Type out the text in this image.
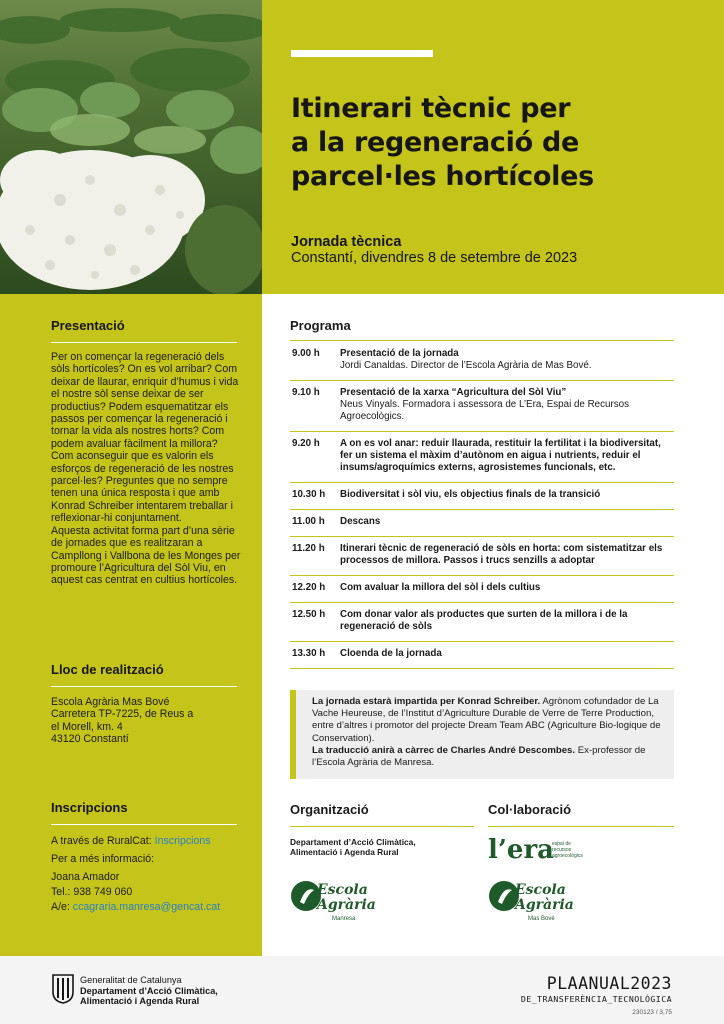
Itinerari tècnic per
a la regeneració de
parcel·les hortícoles
Jornada tècnica
Constantí, divendres 8 de setembre de 2023
Presentació
Per on començar la regeneració dels sòls hortícoles? On es vol arribar? Com deixar de llaurar, enriquir d’humus i vida el nostre sòl sense deixar de ser productius? Podem esquematitzar els passos per començar la regeneració i tornar la vida als nostres horts? Com podem avaluar fàcilment la millora? Com aconseguir que es valorin els esforços de regeneració de les nostres parcel·les? Preguntes que no sempre tenen una única resposta i que amb Konrad Schreiber intentarem treballar i reflexionar-hi conjuntament.
Aquesta activitat forma part d’una sèrie de jornades que es realitzaran a Campllong i Vallbona de les Monges per promoure l’Agricultura del Sòl Viu, en aquest cas centrat en cultius hortícoles.
Lloc de realització
Escola Agrària Mas Bové
Carretera TP-7225, de Reus a
el Morell, km. 4
43120 Constantí
Inscripcions
A través de RuralCat: Inscripcions
Per a més informació:
Joana Amador
Tel.: 938 749 060
A/e: ccagraria.manresa@gencat.cat
Programa
9.00 h	Presentació de la jornada
Jordi Canaldas. Director de l’Escola Agrària de Mas Bové.
9.10 h	Presentació de la xarxa “Agricultura del Sòl Viu”
Neus Vinyals. Formadora i assessora de L’Era, Espai de Recursos Agroecològics.
9.20 h	A on es vol anar: reduir llaurada, restituir la fertilitat i la biodiversitat, fer un sistema el màxim d’autònom en aigua i nutrients, reduir el insums/agroquímics externs, agrosistemes funcionals, etc.
10.30 h	Biodiversitat i sòl viu, els objectius finals de la transició
11.00 h	Descans
11.20 h	Itinerari tècnic de regeneració de sòls en horta: com sistematitzar els processos de millora. Passos i trucs senzills a adoptar
12.20 h	Com avaluar la millora del sòl i dels cultius
12.50 h	Com donar valor als productes que surten de la millora i de la regeneració de sòls
13.30 h	Cloenda de la jornada
La jornada estarà impartida per Konrad Schreiber. Agrònom cofundador de La Vache Heureuse, de l’Institut d’Agriculture Durable de Verre de Terre Production, entre d’altres i promotor del projecte Dream Team ABC (Agriculture Bio-logique de Conservation).
La traducció anirà a càrrec de Charles André Descombes. Ex-professor de l’Escola Agrària de Manresa.
Organització
Departament d’Acció Climàtica,
Alimentació i Agenda Rural
Escola
Agrària
Manresa
Col·laboració
l’era
espai de
recursos
agroecològics
Escola
Agrària
Mas Bové
Generalitat de Catalunya
Departament d’Acció Climàtica,
Alimentació i Agenda Rural
PLAANUAL2023
DE_TRANSFERÈNCIA_TECNOLÒGICA
230123 / 3,75
